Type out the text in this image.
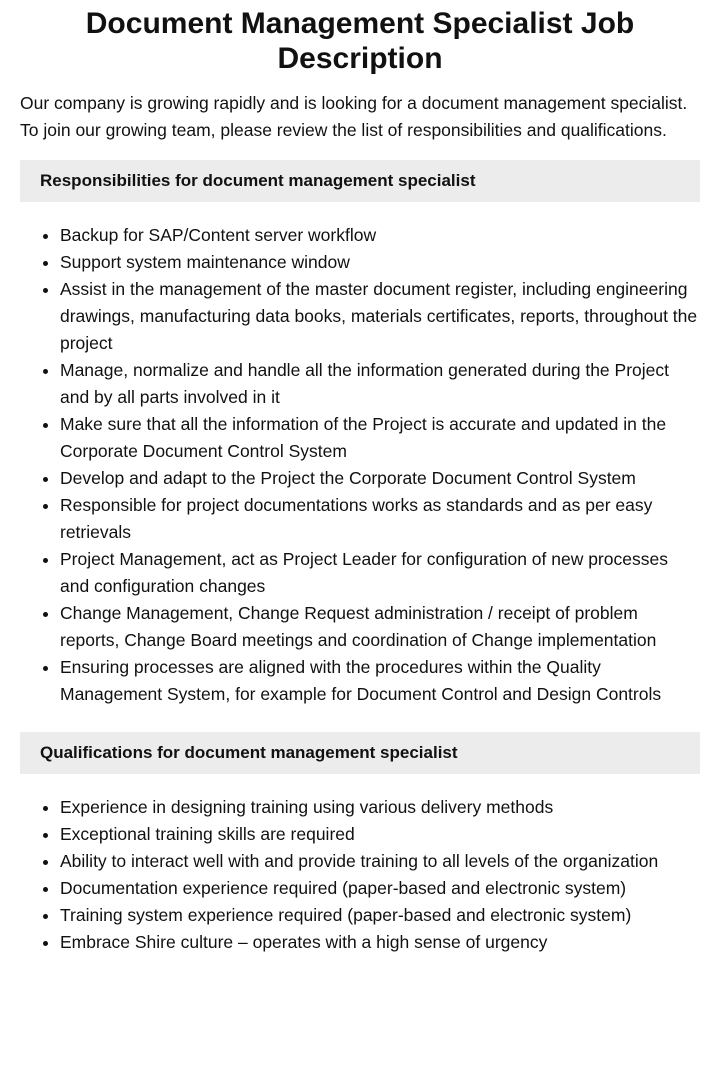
Document Management Specialist Job Description

Our company is growing rapidly and is looking for a document management specialist. To join our growing team, please review the list of responsibilities and qualifications.

Responsibilities for document management specialist
• Backup for SAP/Content server workflow
• Support system maintenance window
• Assist in the management of the master document register, including engineering drawings, manufacturing data books, materials certificates, reports, throughout the project
• Manage, normalize and handle all the information generated during the Project and by all parts involved in it
• Make sure that all the information of the Project is accurate and updated in the Corporate Document Control System
• Develop and adapt to the Project the Corporate Document Control System
• Responsible for project documentations works as standards and as per easy retrievals
• Project Management, act as Project Leader for configuration of new processes and configuration changes
• Change Management, Change Request administration / receipt of problem reports, Change Board meetings and coordination of Change implementation
• Ensuring processes are aligned with the procedures within the Quality Management System, for example for Document Control and Design Controls
Qualifications for document management specialist
• Experience in designing training using various delivery methods
• Exceptional training skills are required
• Ability to interact well with and provide training to all levels of the organization
• Documentation experience required (paper-based and electronic system)
• Training system experience required (paper-based and electronic system)
• Embrace Shire culture – operates with a high sense of urgency
